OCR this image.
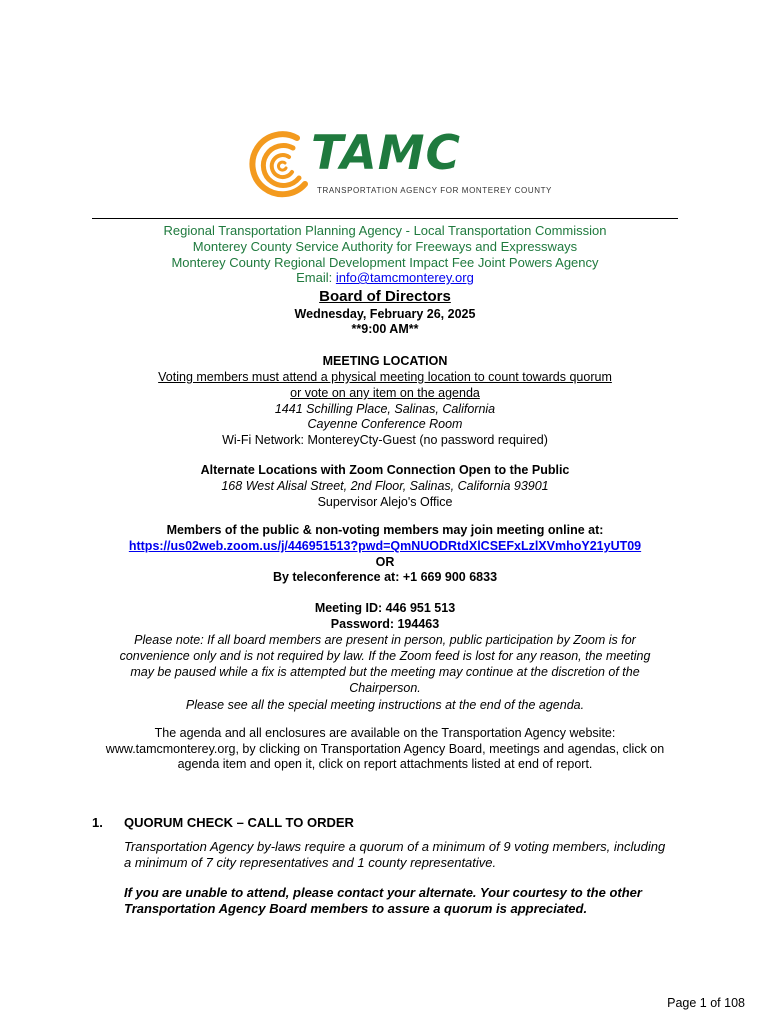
TAMC
TRANSPORTATION AGENCY FOR MONTEREY COUNTY
Regional Transportation Planning Agency - Local Transportation Commission
Monterey County Service Authority for Freeways and Expressways
Monterey County Regional Development Impact Fee Joint Powers Agency
Email: info@tamcmonterey.org
Board of Directors
Wednesday, February 26, 2025
**9:00 AM**
MEETING LOCATION
Voting members must attend a physical meeting location to count towards quorum
or vote on any item on the agenda
1441 Schilling Place, Salinas, California
Cayenne Conference Room
Wi-Fi Network: MontereyCty-Guest (no password required)
Alternate Locations with Zoom Connection Open to the Public
168 West Alisal Street, 2nd Floor, Salinas, California 93901
Supervisor Alejo's Office
Members of the public & non-voting members may join meeting online at:
https://us02web.zoom.us/j/446951513?pwd=QmNUODRtdXlCSEFxLzlXVmhoY21yUT09
OR
By teleconference at: +1 669 900 6833
Meeting ID: 446 951 513
Password: 194463
Please note: If all board members are present in person, public participation by Zoom is for
convenience only and is not required by law. If the Zoom feed is lost for any reason, the meeting
may be paused while a fix is attempted but the meeting may continue at the discretion of the
Chairperson.
Please see all the special meeting instructions at the end of the agenda.
The agenda and all enclosures are available on the Transportation Agency website:
www.tamcmonterey.org, by clicking on Transportation Agency Board, meetings and agendas, click on
agenda item and open it, click on report attachments listed at end of report.
1. QUORUM CHECK – CALL TO ORDER
Transportation Agency by-laws require a quorum of a minimum of 9 voting members, including
a minimum of 7 city representatives and 1 county representative.
If you are unable to attend, please contact your alternate. Your courtesy to the other
Transportation Agency Board members to assure a quorum is appreciated.
Page 1 of 108
